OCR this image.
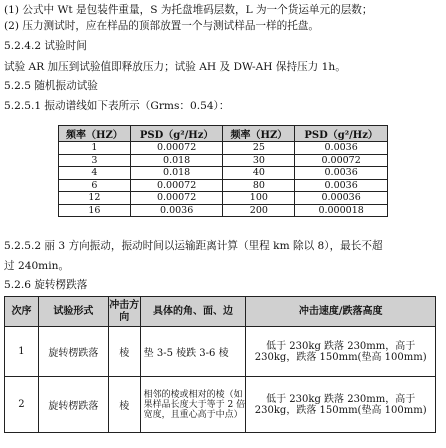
(1) 公式中 Wt 是包装件重量，S 为托盘堆码层数，L 为一个货运单元的层数；
(2) 压力测试时，应在样品的顶部放置一个与测试样品一样的托盘。
5.2.4.2 试验时间
试验 AR 加压到试验值即释放压力；试验 AH 及 DW-AH 保持压力 1h。
5.2.5 随机振动试验
5.2.5.1 振动谱线如下表所示（Grms：0.54）：
频率（HZ）	PSD（g²/Hz）	频率（HZ）	PSD（g²/Hz）
1	0.00072	25	0.0036
3	0.018	30	0.00072
4	0.018	40	0.0036
6	0.00072	80	0.0036
12	0.00072	100	0.00036
16	0.0036	200	0.000018
5.2.5.2 丽 3 方向振动，振动时间以运输距离计算（里程 km 除以 8），最长不超
过 240min。
5.2.6 旋转楞跌落
次序	试验形式	冲击方向	具体的角、面、边	冲击速度/跌落高度
1	旋转楞跌落	棱	垫 3-5 棱跌 3-6 棱	低于 230kg 跌落 230mm，高于 230kg，跌落 150mm(垫高 100mm)
2	旋转楞跌落	棱	相邻的棱或相对的棱（如果样品长度大于等于 2 倍宽度，且重心高于中点）	低于 230kg 跌落 230mm，高于 230kg，跌落 150mm(垫高 100mm)
